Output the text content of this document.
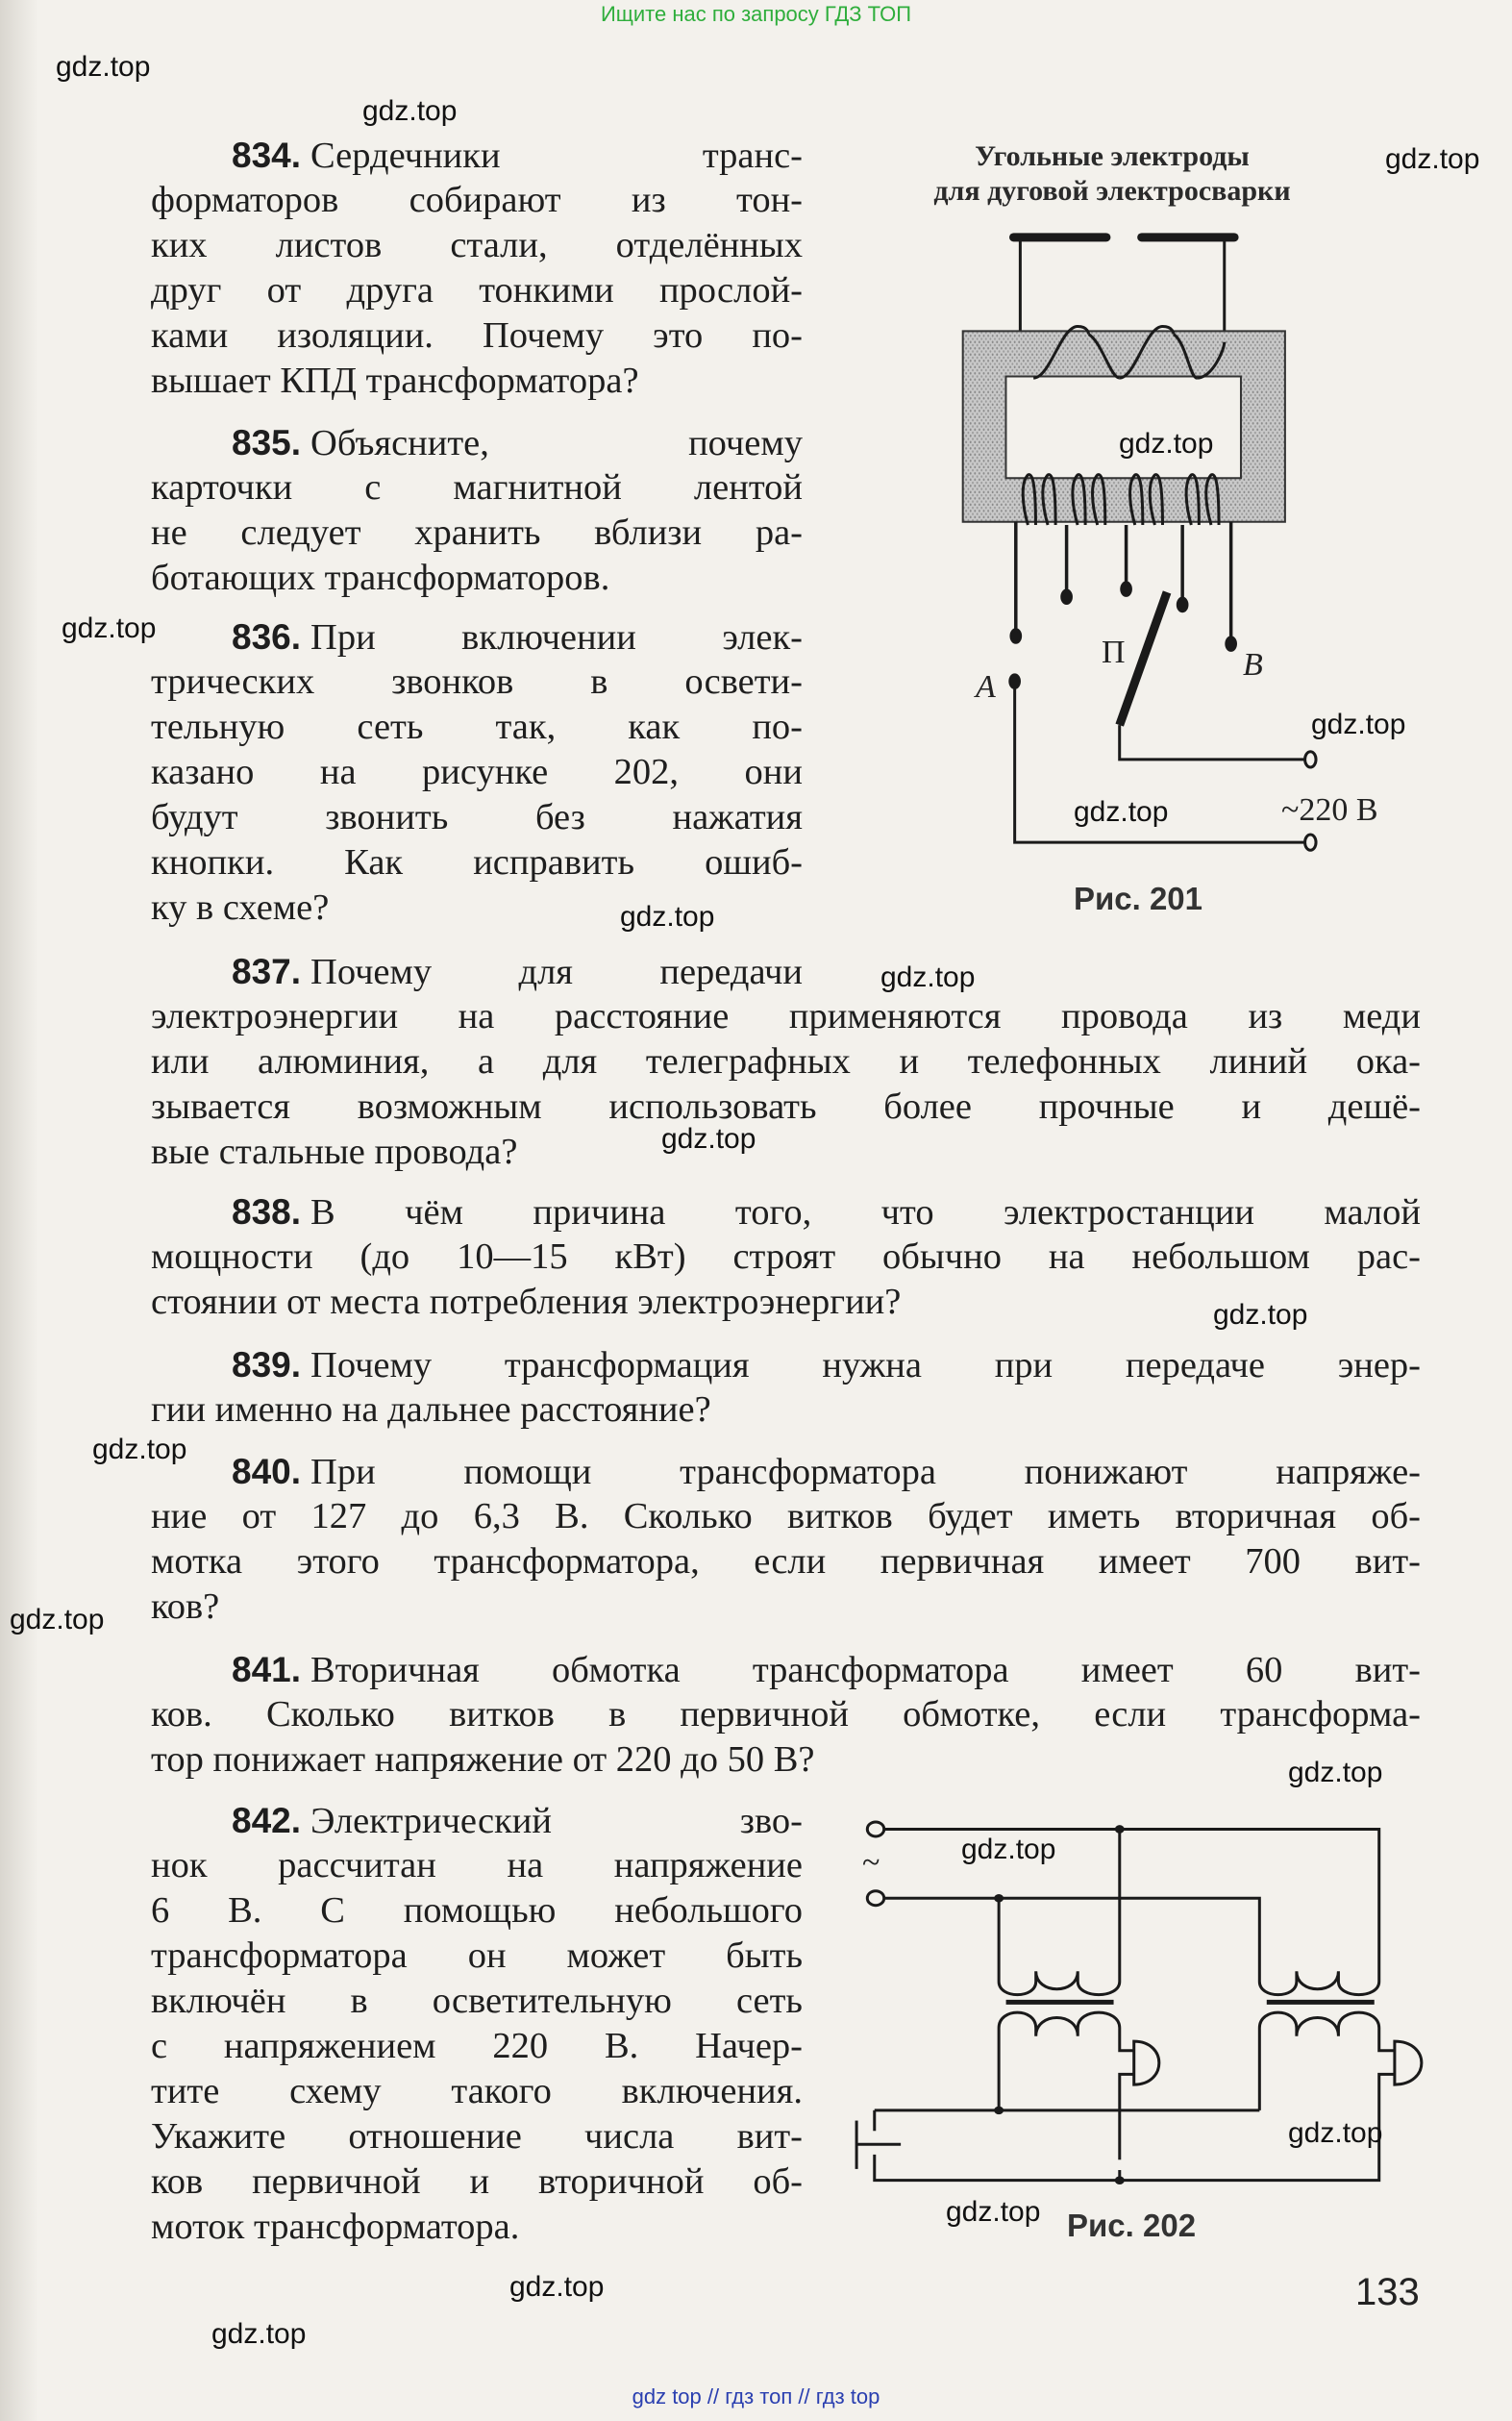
Ищите нас по запросу ГДЗ ТОП
834. Сердечники транс-
форматоров собирают из тон-
ких листов стали, отделённых
друг от друга тонкими прослой-
ками изоляции. Почему это по-
вышает КПД трансформатора?
835. Объясните, почему
карточки с магнитной лентой
не следует хранить вблизи ра-
ботающих трансформаторов.
836. При включении элек-
трических звонков в освети-
тельную сеть так, как по-
казано на рисунке 202, они
будут звонить без нажатия
кнопки. Как исправить ошиб-
ку в схеме?
837. Почему для передачи
электроэнергии на расстояние применяются провода из меди
или алюминия, а для телеграфных и телефонных линий ока-
зывается возможным использовать более прочные и дешё-
вые стальные провода?
838. В чём причина того, что электростанции малой
мощности (до 10—15 кВт) строят обычно на небольшом рас-
стоянии от места потребления электроэнергии?
839. Почему трансформация нужна при передаче энер-
гии именно на дальнее расстояние?
840. При помощи трансформатора понижают напряже-
ние от 127 до 6,3 В. Сколько витков будет иметь вторичная об-
мотка этого трансформатора, если первичная имеет 700 вит-
ков?
841. Вторичная обмотка трансформатора имеет 60 вит-
ков. Сколько витков в первичной обмотке, если трансформа-
тор понижает напряжение от 220 до 50 В?
842. Электрический зво-
нок рассчитан на напряжение
6 В. С помощью небольшого
трансформатора он может быть
включён в осветительную сеть
с напряжением 220 В. Начер-
тите схему такого включения.
Укажите отношение числа вит-
ков первичной и вторичной об-
моток трансформатора.
Угольные электроды
для дуговой электросварки
П
А
В
~220 В
Рис. 201
~
Рис. 202
gdz.top
gdz.top
gdz.top
gdz.top
gdz.top
gdz.top
gdz.top
gdz.top
gdz.top
gdz.top
gdz.top
gdz.top
gdz.top
gdz.top
gdz.top
gdz.top
gdz.top
gdz.top
gdz.top
133
gdz top // гдз топ // гдз top
